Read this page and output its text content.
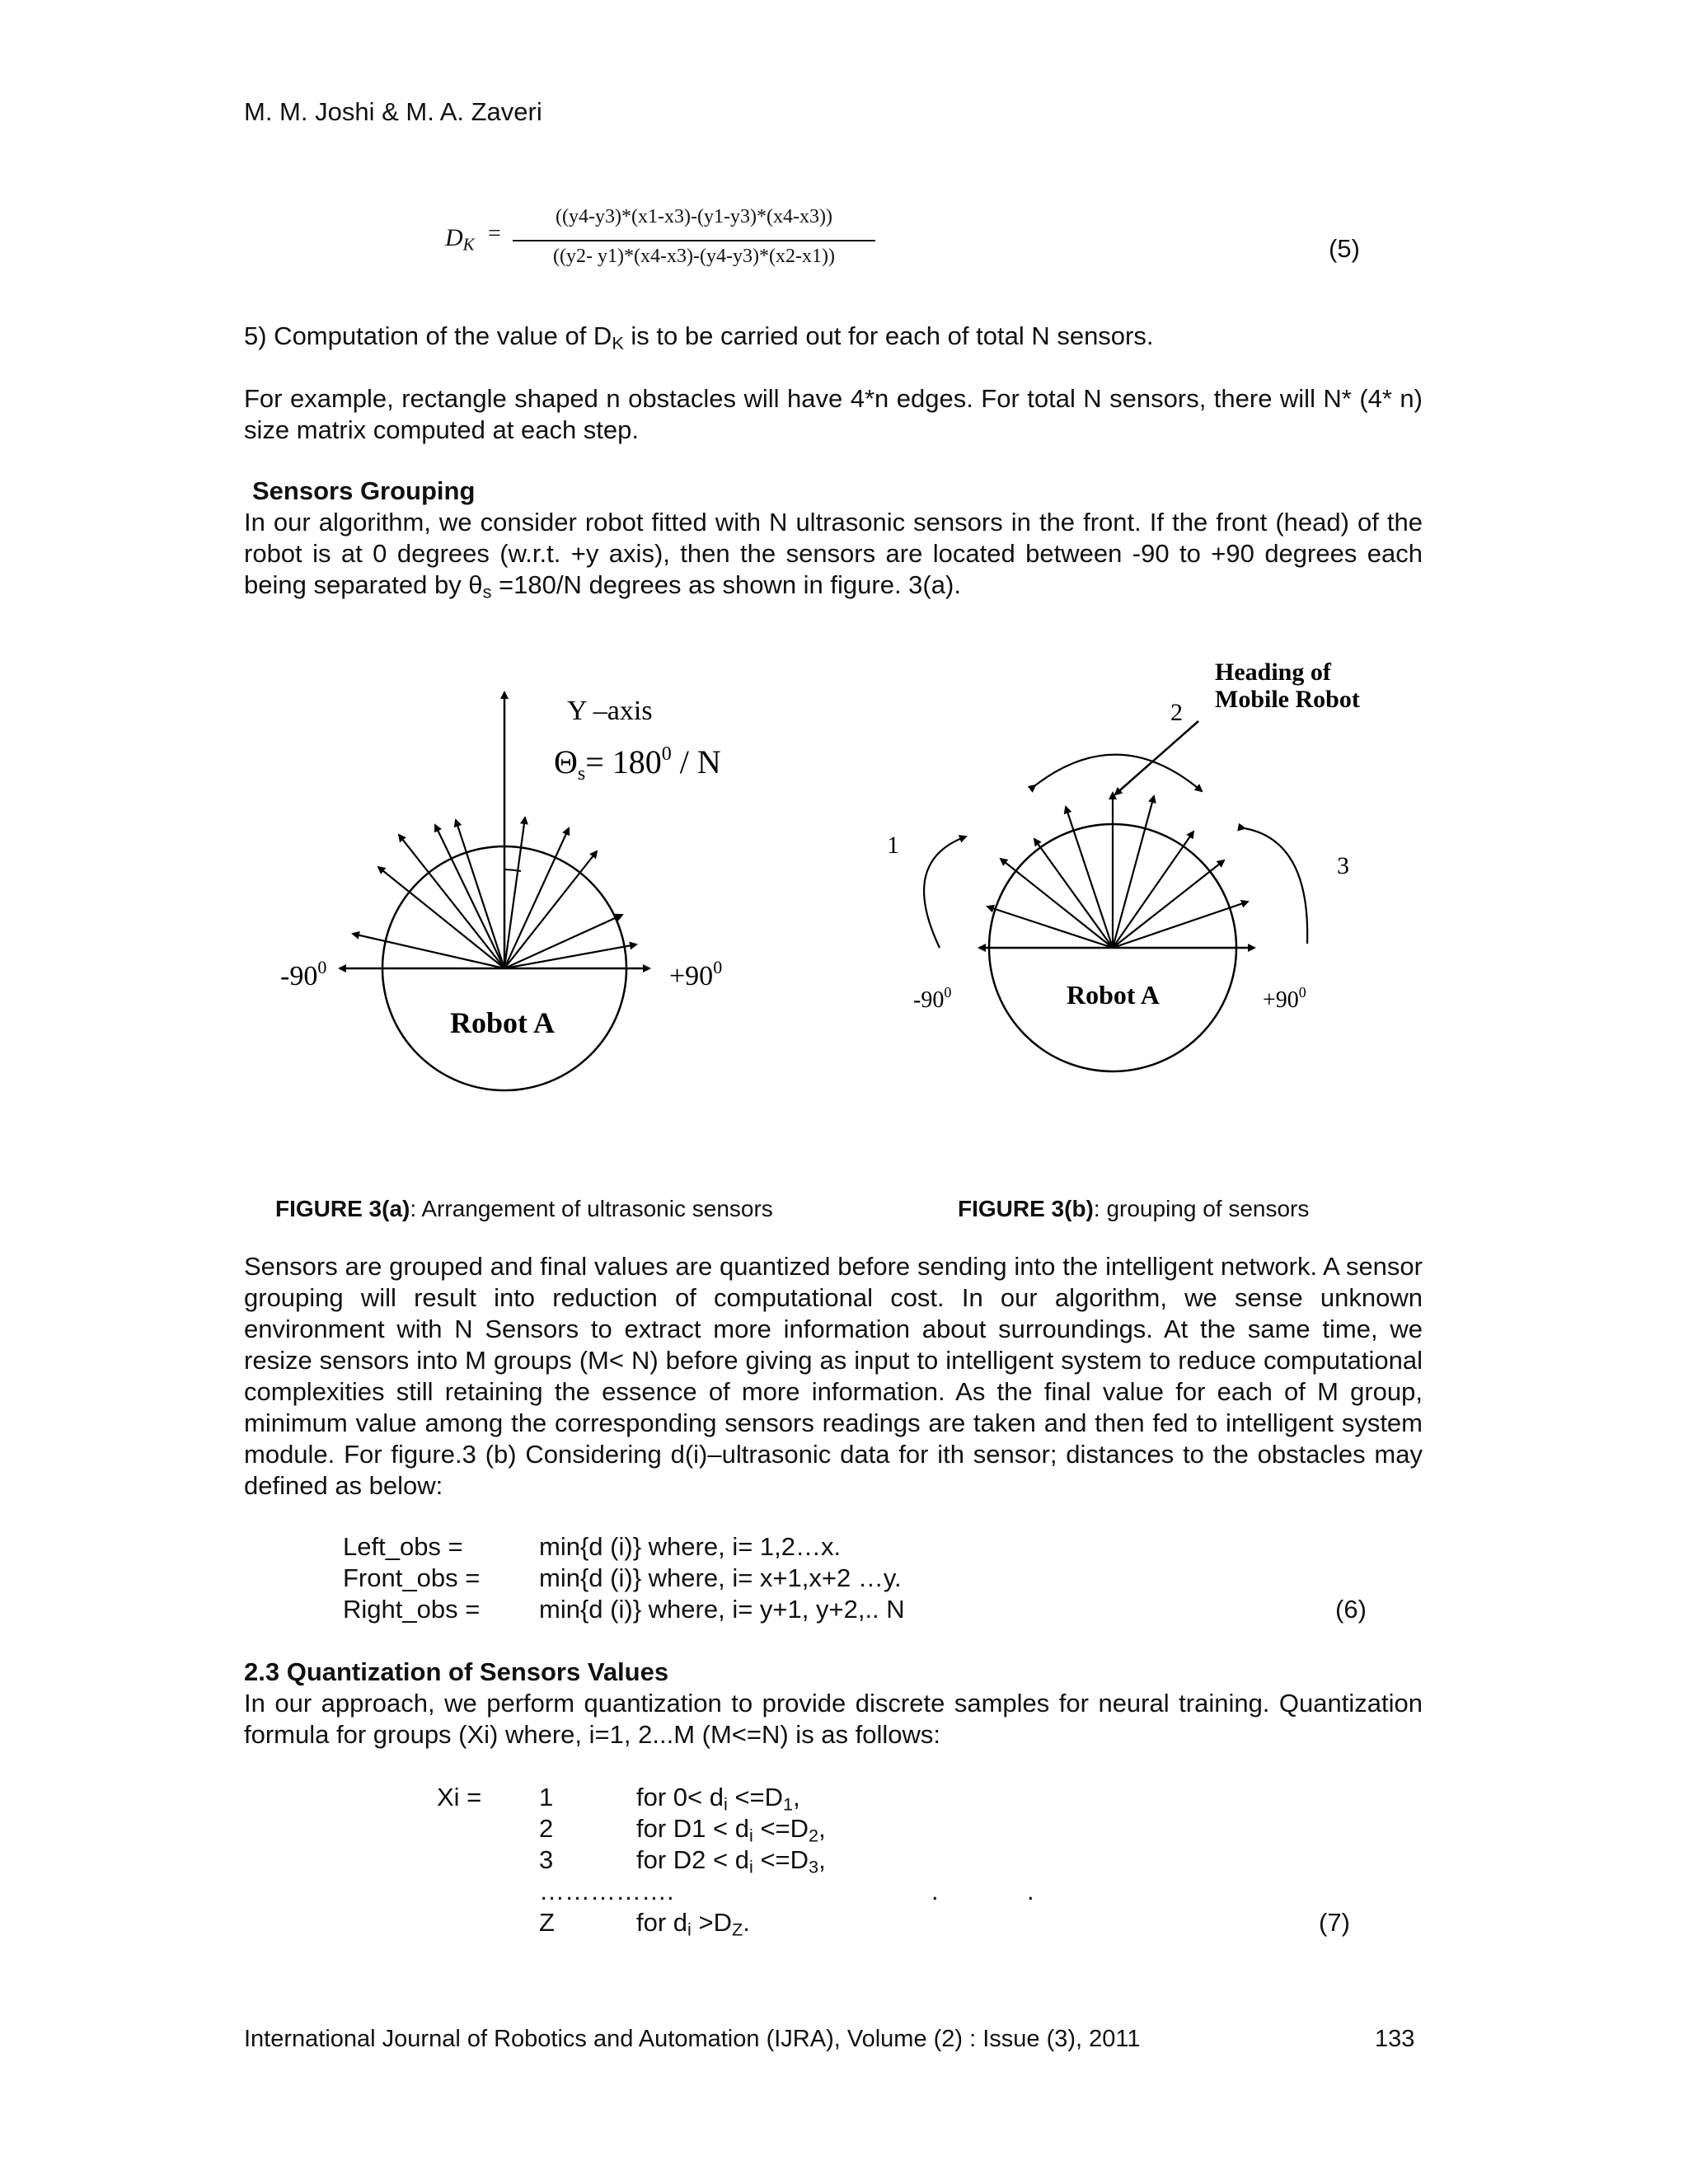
M. M. Joshi & M. A. Zaveri
$D_K$ =
((y4-y3)*(x1-x3)-(y1-y3)*(x4-x3))
((y2- y1)*(x4-x3)-(y4-y3)*(x2-x1))	(5)
5) Computation of the value of $D_K$ is to be carried out for each of total N sensors.
For example, rectangle shaped n obstacles will have 4*n edges. For total N sensors, there will N* (4* n) size matrix computed at each step.
Sensors Grouping
In our algorithm, we consider robot fitted with N ultrasonic sensors in the front. If the front (head) of the robot is at 0 degrees (w.r.t. +y axis), then the sensors are located between -90 to +90 degrees each being separated by $\theta_s =180/N$ degrees as shown in figure. 3(a).
Y –axis
$\Theta_s= 180^0 / N$
$-90^0$	$+90^0$
Robot A
Heading of
Mobile Robot
2
1
3
$-90^0$	$+90^0$
Robot A
FIGURE 3(a): Arrangement of ultrasonic sensors	FIGURE 3(b): grouping of sensors
Sensors are grouped and final values are quantized before sending into the intelligent network. A sensor grouping will result into reduction of computational cost. In our algorithm, we sense unknown environment with N Sensors to extract more information about surroundings. At the same time, we resize sensors into M groups (M< N) before giving as input to intelligent system to reduce computational complexities still retaining the essence of more information. As the final value for each of M group, minimum value among the corresponding sensors readings are taken and then fed to intelligent system module. For figure.3 (b) Considering d(i)–ultrasonic data for ith sensor; distances to the obstacles may defined as below:
Left_obs =	min{d (i)} where, i= 1,2…x.
Front_obs = min{d (i)} where, i= x+1,x+2 …y.
Right_obs = min{d (i)} where, i= y+1, y+2,.. N	(6)
2.3 Quantization of Sensors Values
In our approach, we perform quantization to provide discrete samples for neural training. Quantization formula for groups (Xi) where, i=1, 2...M (M<=N) is as follows:
Xi = 1	for $0< d_i <=D_1$,
2	for $D1 < d_i <=D_2$,
3	for $D2 < d_i <=D_3$,
…………….	.	.
Z	for $d_i >D_Z$.	(7)
International Journal of Robotics and Automation (IJRA), Volume (2) : Issue (3), 2011	133
